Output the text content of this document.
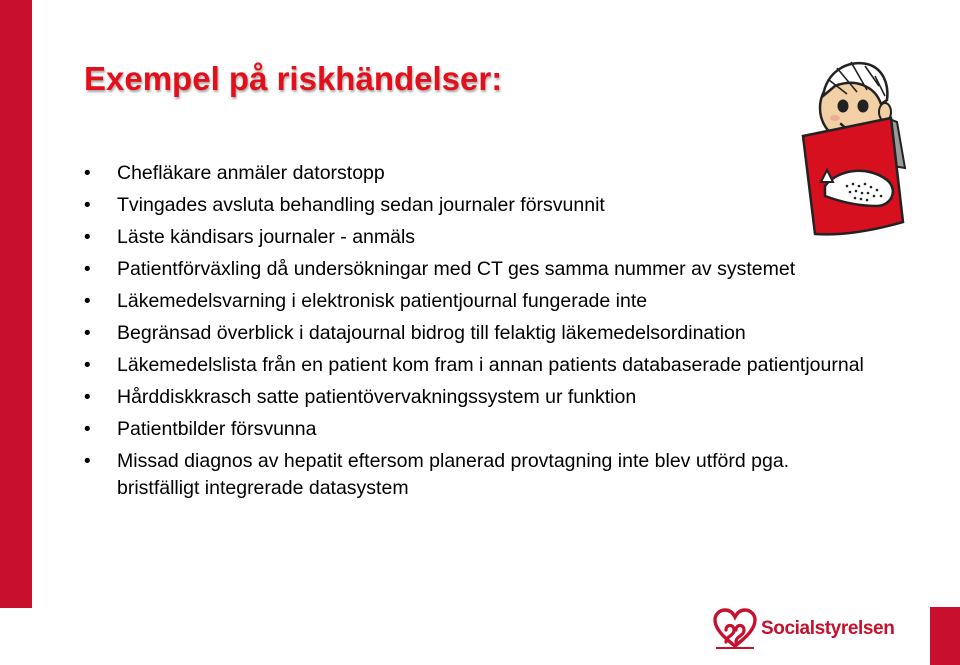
Exempel på riskhändelser:
• Chefläkare anmäler datorstopp
• Tvingades avsluta behandling sedan journaler försvunnit
• Läste kändisars journaler - anmäls
• Patientförväxling då undersökningar med CT ges samma nummer av systemet
• Läkemedelsvarning i elektronisk patientjournal fungerade inte
• Begränsad överblick i datajournal bidrog till felaktig läkemedelsordination
• Läkemedelslista från en patient kom fram i annan patients databaserade patientjournal
• Hårddiskkrasch satte patientövervakningssystem ur funktion
• Patientbilder försvunna
• Missad diagnos av hepatit eftersom planerad provtagning inte blev utförd pga. bristfälligt integrerade datasystem
Socialstyrelsen
